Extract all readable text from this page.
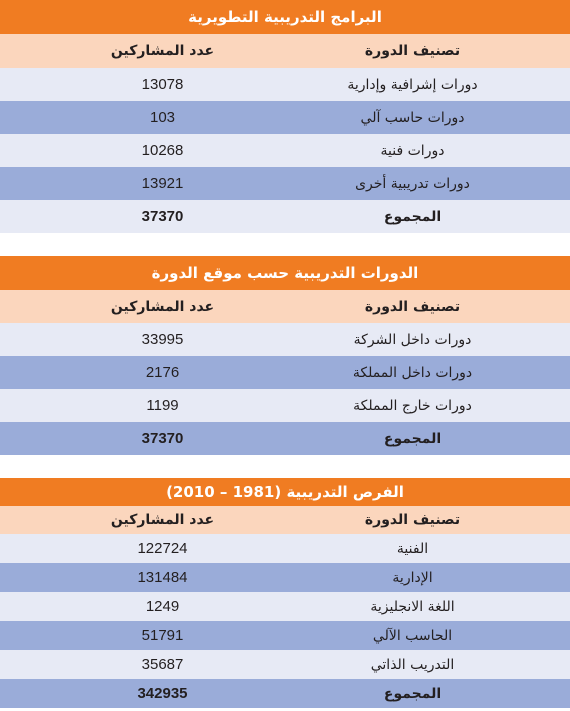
البرامج التدريبية التطويرية
تصنيف الدورة
عدد المشاركين
دورات إشرافية وإدارية
13078
دورات حاسب آلي
103
دورات فنية
10268
دورات تدريبية أخرى
13921
المجموع
37370
الدورات التدريبية حسب موقع الدورة
تصنيف الدورة
عدد المشاركين
دورات داخل الشركة
33995
دورات داخل المملكة
2176
دورات خارج المملكة
1199
المجموع
37370
الفرص التدريبية (1981 – 2010)
تصنيف الدورة
عدد المشاركين
الفنية
122724
الإدارية
131484
اللغة الانجليزية
1249
الحاسب الآلي
51791
التدريب الذاتي
35687
المجموع
342935
